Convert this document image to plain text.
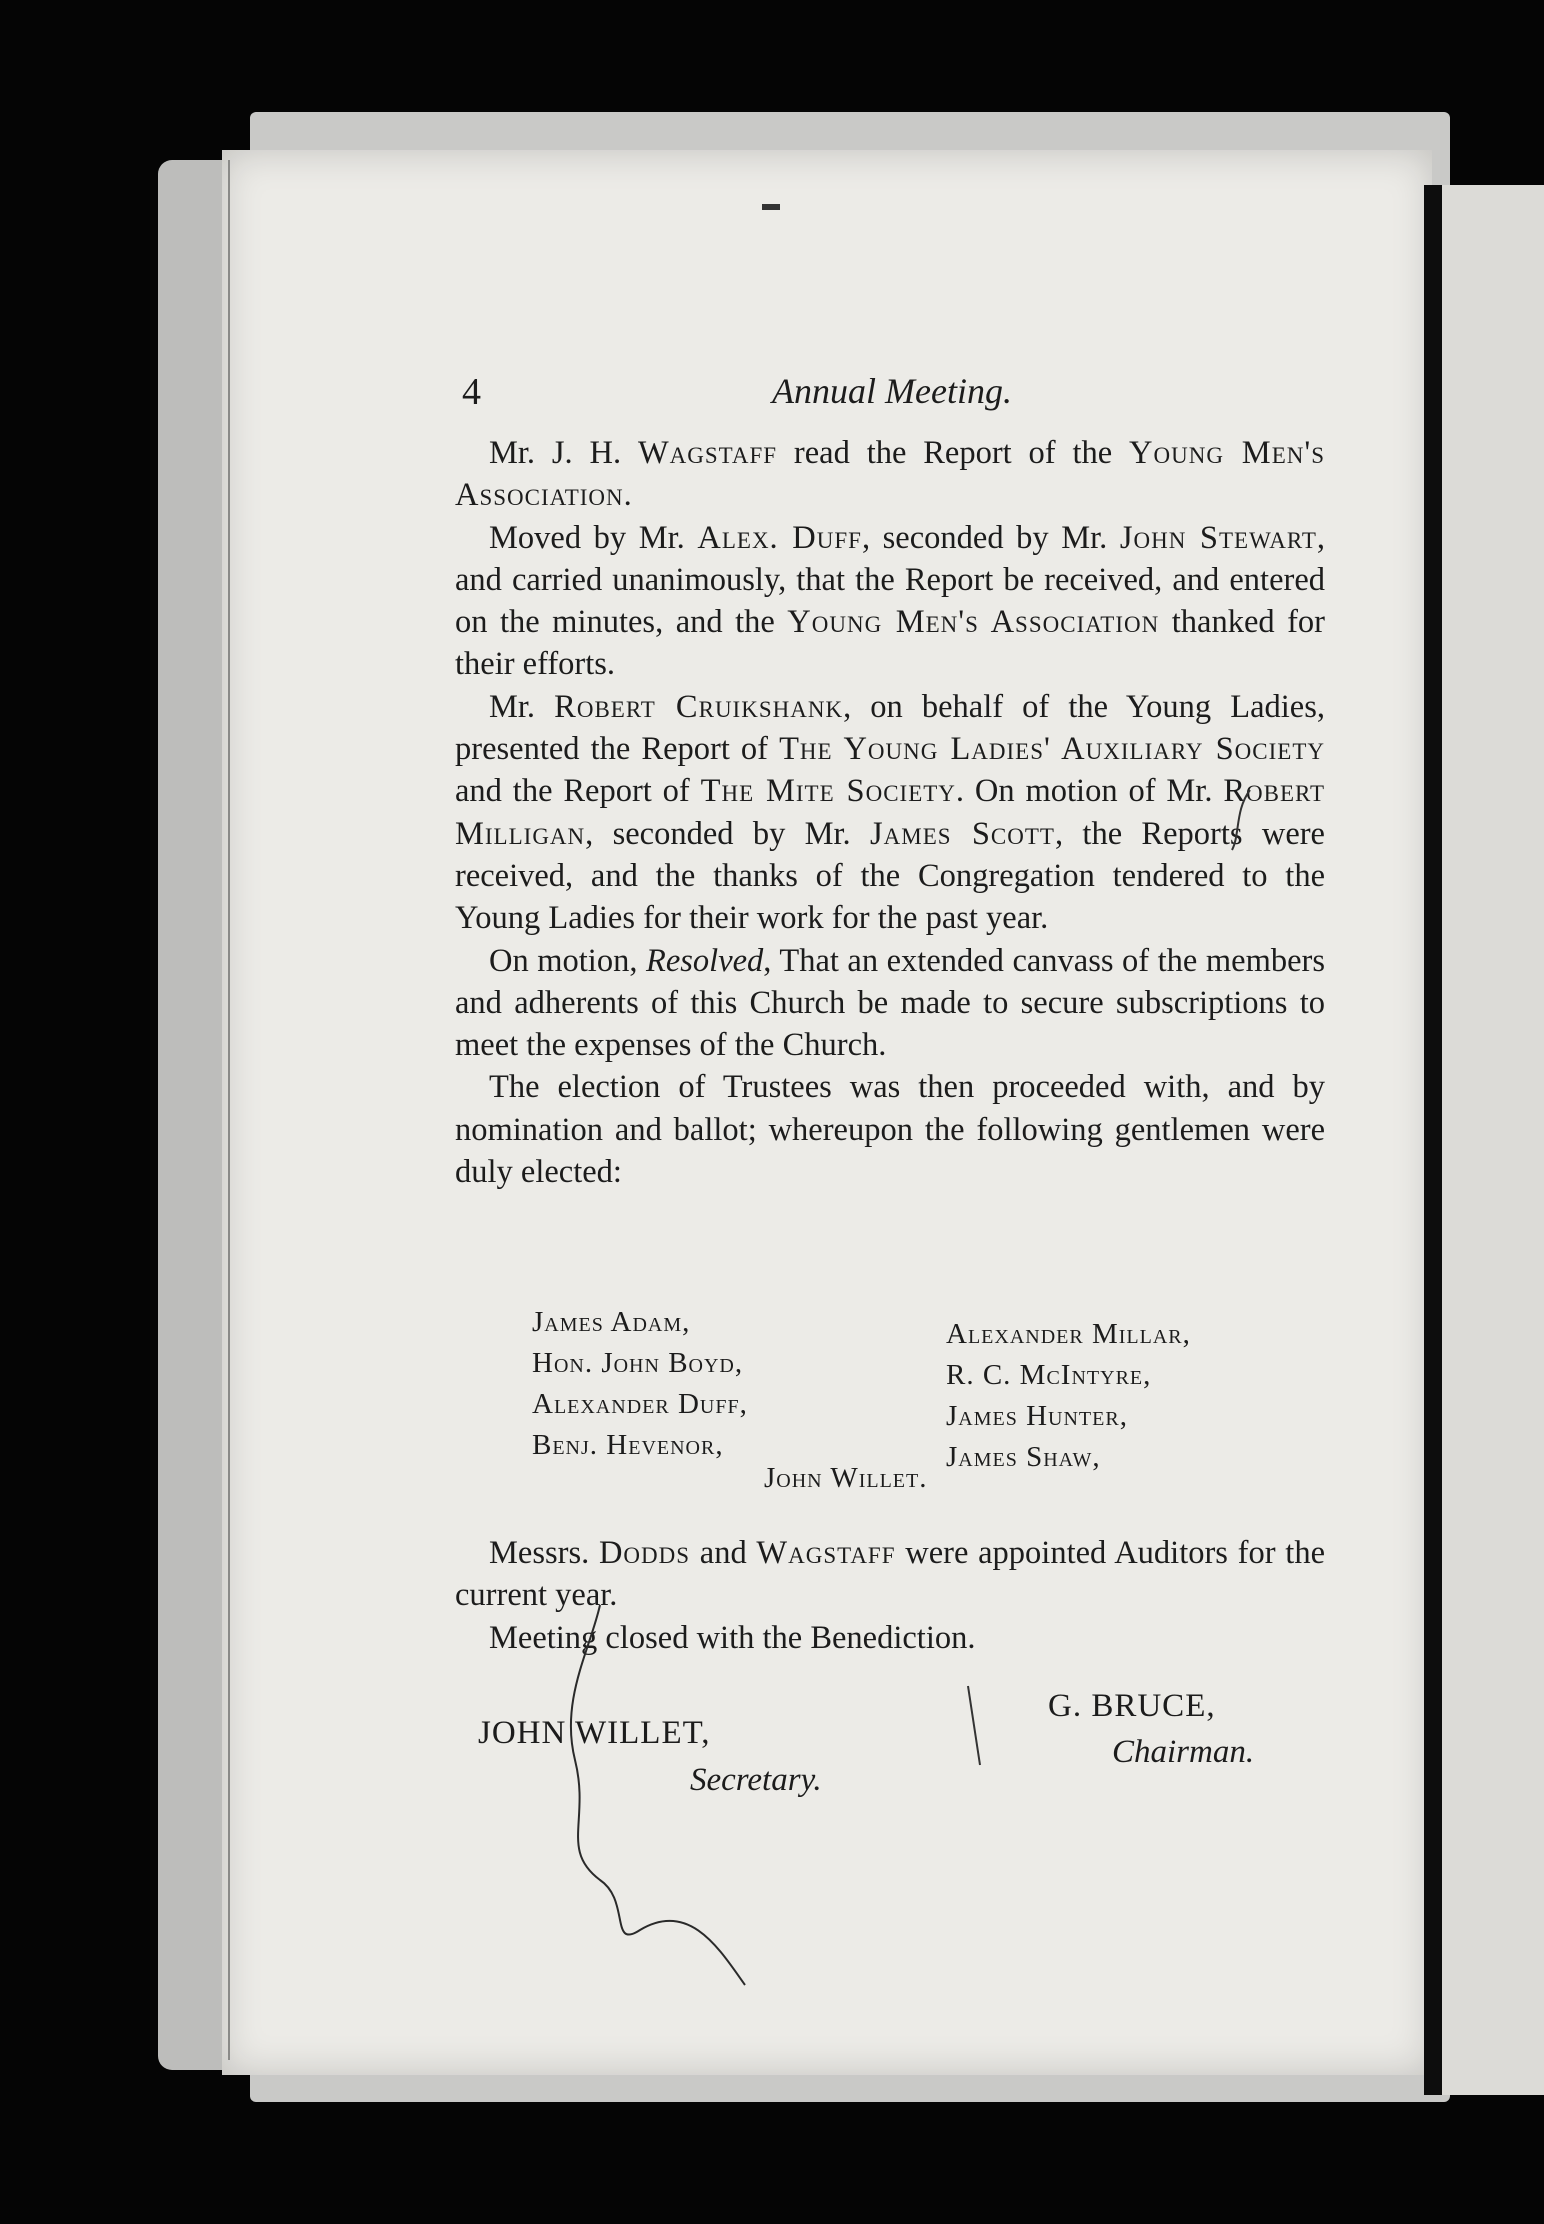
4	Annual Meeting.

Mr. J. H. Wagstaff read the Report of the Young Men's Association.

Moved by Mr. Alex. Duff, seconded by Mr. John Stewart, and carried unanimously, that the Report be received, and entered on the minutes, and the Young Men's Association thanked for their efforts.

Mr. Robert Cruikshank, on behalf of the Young Ladies, presented the Report of The Young Ladies' Auxiliary Society and the Report of The Mite Society. On motion of Mr. Robert Milligan, seconded by Mr. James Scott, the Reports were received, and the thanks of the Congregation tendered to the Young Ladies for their work for the past year.

On motion, Resolved, That an extended canvass of the members and adherents of this Church be made to secure subscriptions to meet the expenses of the Church.

The election of Trustees was then proceeded with, and by nomination and ballot; whereupon the following gentlemen were duly elected:

James Adam,
Hon. John Boyd,
Alexander Duff,
Benj. Hevenor,
Alexander Millar,
R. C. McIntyre,
James Hunter,
James Shaw,
John Willet.

Messrs. Dodds and Wagstaff were appointed Auditors for the current year.

Meeting closed with the Benediction.

JOHN WILLET,
Secretary.
G. BRUCE,
Chairman.
